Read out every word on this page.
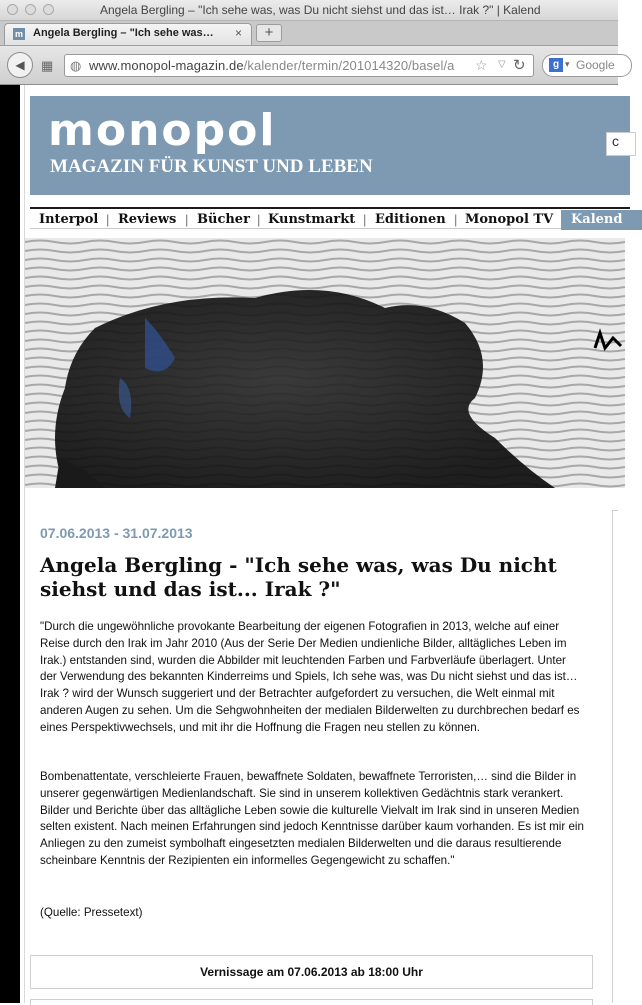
Angela Bergling – "Ich sehe was, was Du nicht siehst und das ist… Irak ?" | Kalend
m Angela Bergling – "Ich sehe was… ×	+
◀	▦ ◍ www.monopol-magazin.de/kalender/termin/201014320/basel/a ☆ ▽ ↻	g ▾ Google
monopol
MAGAZIN FÜR KUNST UND LEBEN
c
Interpol | Reviews | Bücher | Kunstmarkt | Editionen | Monopol TV	Kalend
07.06.2013 - 31.07.2013
Angela Bergling - "Ich sehe was, was Du nicht siehst und das ist... Irak ?"

"Durch die ungewöhnliche provokante Bearbeitung der eigenen Fotografien in 2013, welche auf einer Reise durch den Irak im Jahr 2010 (Aus der Serie Der Medien undienliche Bilder, alltägliches Leben im Irak.) entstanden sind, wurden die Abbilder mit leuchtenden Farben und Farbverläufe überlagert. Unter der Verwendung des bekannten Kinderreims und Spiels, Ich sehe was, was Du nicht siehst und das ist… Irak ? wird der Wunsch suggeriert und der Betrachter aufgefordert zu versuchen, die Welt einmal mit anderen Augen zu sehen. Um die Sehgwohnheiten der medialen Bilderwelten zu durchbrechen bedarf es eines Perspektivwechsels, und mit ihr die Hoffnung die Fragen neu stellen zu können.

Bombenattentate, verschleierte Frauen, bewaffnete Soldaten, bewaffnete Terroristen,… sind die Bilder in unserer gegenwärtigen Medienlandschaft. Sie sind in unserem kollektiven Gedächtnis stark verankert. Bilder und Berichte über das alltägliche Leben sowie die kulturelle Vielvalt im Irak sind in unseren Medien selten existent. Nach meinen Erfahrungen sind jedoch Kenntnisse darüber kaum vorhanden. Es ist mir ein Anliegen zu den zumeist symbolhaft eingesetzten medialen Bilderwelten und die daraus resultierende scheinbare Kenntnis der Rezipienten ein informelles Gegengewicht zu schaffen."

(Quelle: Pressetext)

Vernissage am 07.06.2013 ab 18:00 Uhr
